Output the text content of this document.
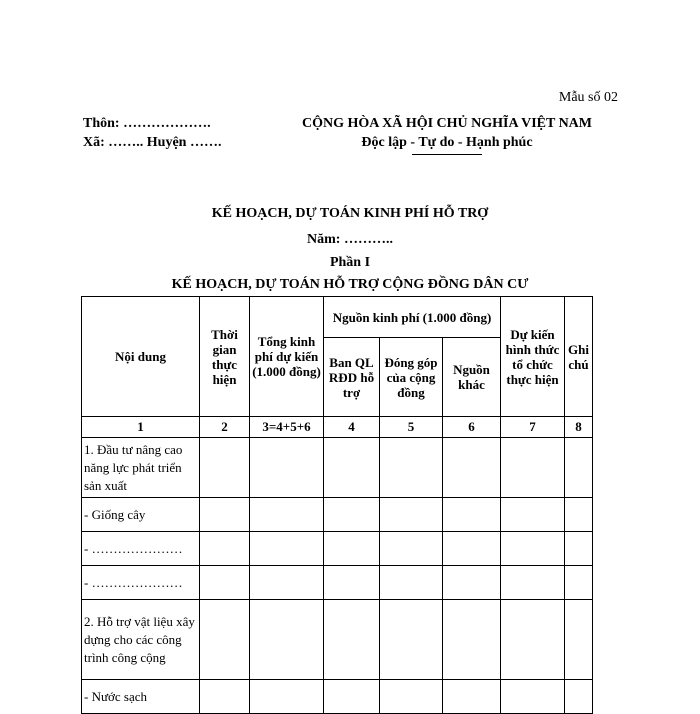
Mẫu số 02
Thôn: ……………….
Xã: …….. Huyện …….
CỘNG HÒA XÃ HỘI CHỦ NGHĨA VIỆT NAM
Độc lập - Tự do - Hạnh phúc
KẾ HOẠCH, DỰ TOÁN KINH PHÍ HỖ TRỢ
Năm: ………..
Phần I
KẾ HOẠCH, DỰ TOÁN HỖ TRỢ CỘNG ĐỒNG DÂN CƯ
Nội dung	Thời gian thực hiện	Tổng kinh phí dự kiến (1.000 đồng)	Nguồn kinh phí (1.000 đồng)			Dự kiến hình thức tổ chức thực hiện	Ghi chú
			Ban QL RĐD hỗ trợ	Đóng góp của cộng đồng	Nguồn khác		
1	2	3=4+5+6	4	5	6	7	8
1. Đầu tư nâng cao năng lực phát triển sản xuất							
- Giống cây							
- …………………							
- …………………							
2. Hỗ trợ vật liệu xây dựng cho các công trình công cộng							
- Nước sạch							
